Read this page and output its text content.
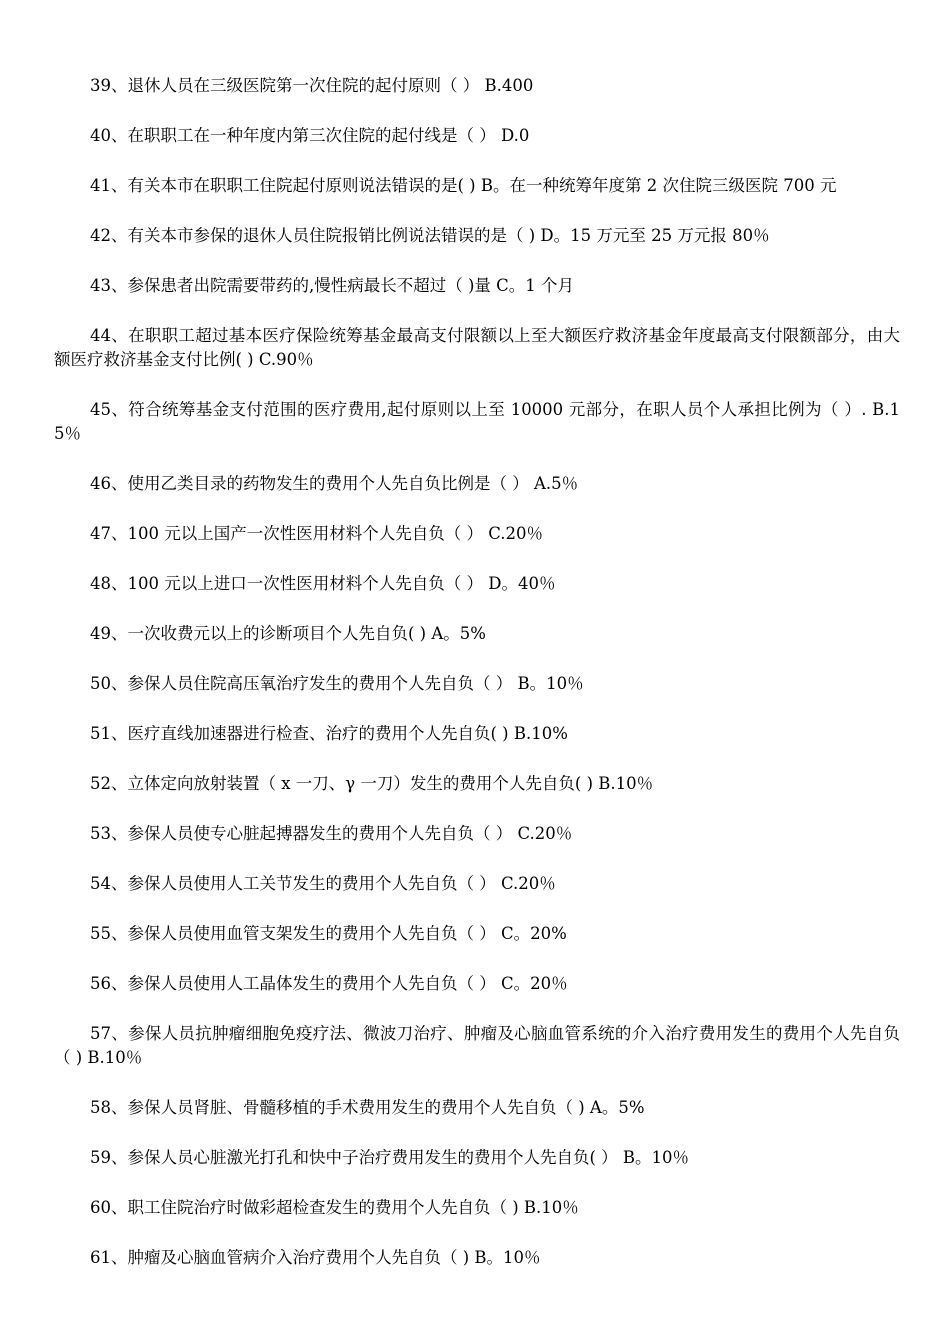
39、退休人员在三级医院第一次住院的起付原则（ ） B.400

40、在职职工在一种年度内第三次住院的起付线是（ ） D.0

41、有关本市在职职工住院起付原则说法错误的是( ) B。在一种统筹年度第 2 次住院三级医院 700 元

42、有关本市参保的退休人员住院报销比例说法错误的是（ ) D。15 万元至 25 万元报 80％

43、参保患者出院需要带药的,慢性病最长不超过（ )量 C。1 个月

44、在职职工超过基本医疗保险统筹基金最高支付限额以上至大额医疗救济基金年度最高支付限额部分，由大额医疗救济基金支付比例( ) C.90％

45、符合统筹基金支付范围的医疗费用,起付原则以上至 10000 元部分，在职人员个人承担比例为（ ）. B.15％

46、使用乙类目录的药物发生的费用个人先自负比例是（ ） A.5％

47、100 元以上国产一次性医用材料个人先自负（ ） C.20％

48、100 元以上进口一次性医用材料个人先自负（ ） D。40％

49、一次收费元以上的诊断项目个人先自负( ) A。5%

50、参保人员住院高压氧治疗发生的费用个人先自负（ ） B。10％

51、医疗直线加速器进行检查、治疗的费用个人先自负( ) B.10%

52、立体定向放射装置（ x 一刀、γ 一刀）发生的费用个人先自负( ) B.10％

53、参保人员使专心脏起搏器发生的费用个人先自负（ ） C.20％

54、参保人员使用人工关节发生的费用个人先自负（ ） C.20％

55、参保人员使用血管支架发生的费用个人先自负（ ） C。20%

56、参保人员使用人工晶体发生的费用个人先自负（ ） C。20％

57、参保人员抗肿瘤细胞免疫疗法、微波刀治疗、肿瘤及心脑血管系统的介入治疗费用发生的费用个人先自负（ ) B.10％

58、参保人员肾脏、骨髓移植的手术费用发生的费用个人先自负（ ) A。5%

59、参保人员心脏激光打孔和快中子治疗费用发生的费用个人先自负( ） B。10％

60、职工住院治疗时做彩超检查发生的费用个人先自负（ ) B.10％

61、肿瘤及心脑血管病介入治疗费用个人先自负（ ) B。10％
